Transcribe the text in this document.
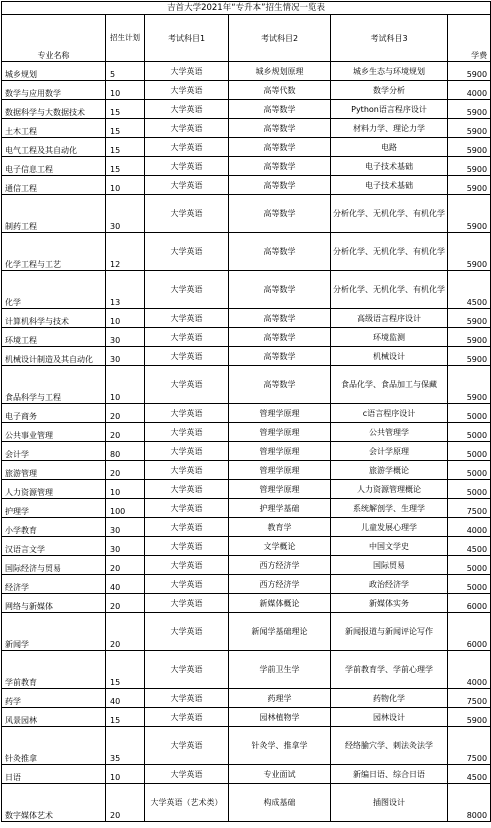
吉首大学2021年“专升本”招生情况一览表					
专业名称	招生计划	考试科目1	考试科目2	考试科目3	学费
城乡规划	5	大学英语	城乡规划原理	城乡生态与环境规划	5900
数学与应用数学	10	大学英语	高等代数	数学分析	4000
数据科学与大数据技术	15	大学英语	高等数学	Python语言程序设计	5900
土木工程	15	大学英语	高等数学	材料力学、理论力学	5900
电气工程及其自动化	15	大学英语	高等数学	电路	5900
电子信息工程	15	大学英语	高等数学	电子技术基础	5900
通信工程	10	大学英语	高等数学	电子技术基础	5900
制药工程	30	大学英语	高等数学	分析化学、无机化学、有机化学	5900
化学工程与工艺	12	大学英语	高等数学	分析化学、无机化学、有机化学	5900
化学	13	大学英语	高等数学	分析化学、无机化学、有机化学	4500
计算机科学与技术	10	大学英语	高等数学	高级语言程序设计	5900
环境工程	30	大学英语	高等数学	环境监测	5900
机械设计制造及其自动化	30	大学英语	高等数学	机械设计	5900
食品科学与工程	10	大学英语	高等数学	食品化学、食品加工与保藏	5900
电子商务	20	大学英语	管理学原理	c语言程序设计	5000
公共事业管理	20	大学英语	管理学原理	公共管理学	5000
会计学	80	大学英语	管理学原理	会计学原理	5000
旅游管理	20	大学英语	管理学原理	旅游学概论	5000
人力资源管理	10	大学英语	管理学原理	人力资源管理概论	5000
护理学	100	大学英语	护理学基础	系统解剖学、生理学	7500
小学教育	30	大学英语	教育学	儿童发展心理学	4000
汉语言文学	30	大学英语	文学概论	中国文学史	4500
国际经济与贸易	20	大学英语	西方经济学	国际贸易	5000
经济学	40	大学英语	西方经济学	政治经济学	5000
网络与新媒体	20	大学英语	新媒体概论	新媒体实务	6000
新闻学	20	大学英语	新闻学基础理论	新闻报道与新闻评论写作	6000
学前教育	15	大学英语	学前卫生学	学前教育学、学前心理学	4000
药学	40	大学英语	药理学	药物化学	7500
风景园林	15	大学英语	园林植物学	园林设计	5900
针灸推拿	35	大学英语	针灸学、推拿学	经络腧穴学、刺法灸法学	7500
日语	10	大学英语	专业面试	新编日语、综合日语	4500
数字媒体艺术	20	大学英语（艺术类）	构成基础	插图设计	8000
